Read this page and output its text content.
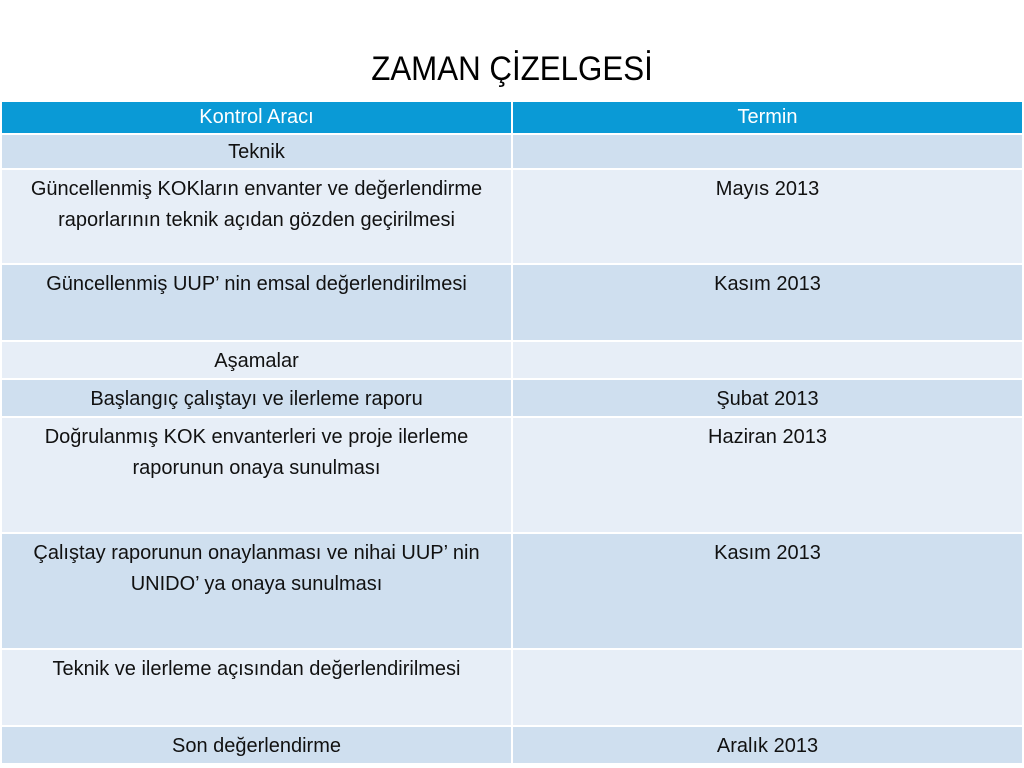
ZAMAN ÇİZELGESİ
Kontrol Aracı	Termin
Teknik	
Güncellenmiş KOKların envanter ve değerlendirme raporlarının teknik açıdan gözden geçirilmesi	Mayıs 2013
Güncellenmiş UUP’ nin emsal değerlendirilmesi	Kasım 2013
Aşamalar	
Başlangıç çalıştayı ve ilerleme raporu	Şubat 2013
Doğrulanmış KOK envanterleri ve proje ilerleme raporunun onaya sunulması	Haziran 2013
Çalıştay raporunun onaylanması ve nihai UUP’ nin UNIDO’ ya onaya sunulması	Kasım 2013
Teknik ve ilerleme açısından değerlendirilmesi	
Son değerlendirme	Aralık 2013
